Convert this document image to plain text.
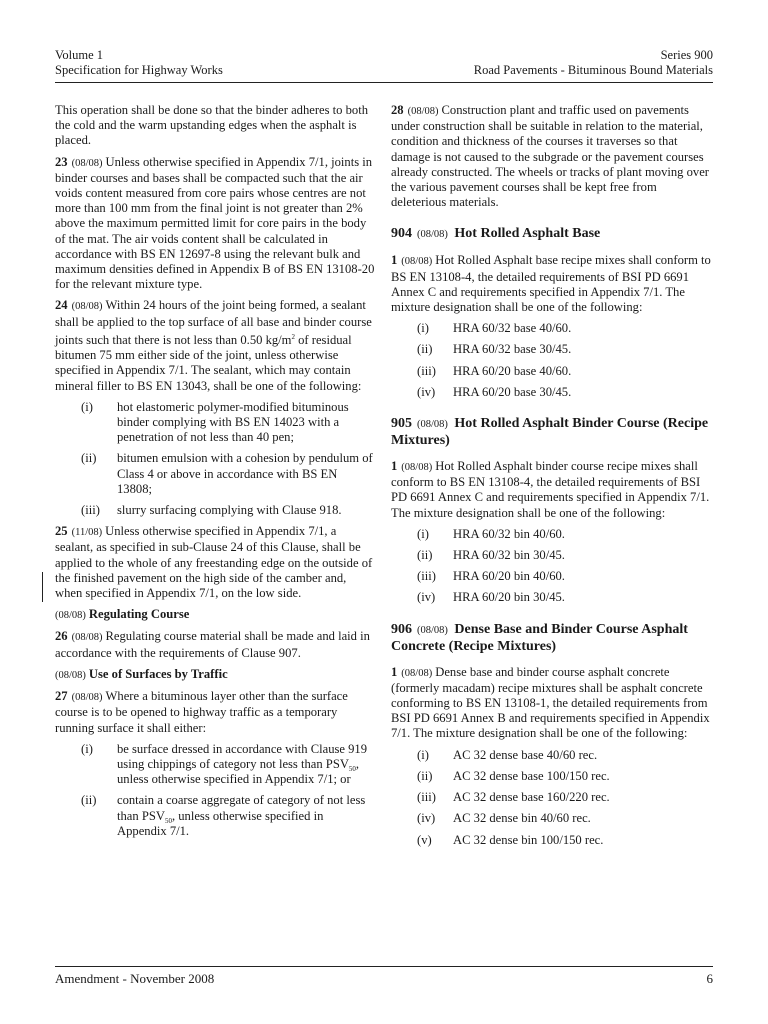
Volume 1
Specification for Highway Works
Series 900
Road Pavements - Bituminous Bound Materials

This operation shall be done so that the binder adheres to both the cold and the warm upstanding edges when the asphalt is placed.

23 (08/08) Unless otherwise specified in Appendix 7/1, joints in binder courses and bases shall be compacted such that the air voids content measured from core pairs whose centres are not more than 100 mm from the final joint is not greater than 2% above the maximum permitted limit for core pairs in the body of the mat. The air voids content shall be calculated in accordance with BS EN 12697-8 using the relevant bulk and maximum densities defined in Appendix B of BS EN 13108-20 for the relevant mixture type.

24 (08/08) Within 24 hours of the joint being formed, a sealant shall be applied to the top surface of all base and binder course joints such that there is not less than 0.50 $kg/m^2$ of residual bitumen 75 mm either side of the joint, unless otherwise specified in Appendix 7/1. The sealant, which may contain mineral filler to BS EN 13043, shall be one of the following:

(i) hot elastomeric polymer-modified bituminous binder complying with BS EN 14023 with a penetration of not less than 40 pen;
(ii) bitumen emulsion with a cohesion by pendulum of Class 4 or above in accordance with BS EN 13808;
(iii) slurry surfacing complying with Clause 918.

25 (11/08) Unless otherwise specified in Appendix 7/1, a sealant, as specified in sub-Clause 24 of this Clause, shall be applied to the whole of any freestanding edge on the outside of the finished pavement on the high side of the camber and, when specified in Appendix 7/1, on the low side.

(08/08) Regulating Course

26 (08/08) Regulating course material shall be made and laid in accordance with the requirements of Clause 907.

(08/08) Use of Surfaces by Traffic

27 (08/08) Where a bituminous layer other than the surface course is to be opened to highway traffic as a temporary running surface it shall either:

(i) be surface dressed in accordance with Clause 919 using chippings of category not less than $PSV_{50}$, unless otherwise specified in Appendix 7/1; or
(ii) contain a coarse aggregate of category of not less than $PSV_{50}$, unless otherwise specified in Appendix 7/1.

28 (08/08) Construction plant and traffic used on pavements under construction shall be suitable in relation to the material, condition and thickness of the courses it traverses so that damage is not caused to the subgrade or the pavement courses already constructed. The wheels or tracks of plant moving over the various pavement courses shall be kept free from deleterious materials.

904 (08/08) Hot Rolled Asphalt Base

1 (08/08) Hot Rolled Asphalt base recipe mixes shall conform to BS EN 13108-4, the detailed requirements of BSI PD 6691 Annex C and requirements specified in Appendix 7/1. The mixture designation shall be one of the following:

(i) HRA 60/32 base 40/60.
(ii) HRA 60/32 base 30/45.
(iii) HRA 60/20 base 40/60.
(iv) HRA 60/20 base 30/45.
905 (08/08) Hot Rolled Asphalt Binder Course (Recipe Mixtures)

1 (08/08) Hot Rolled Asphalt binder course recipe mixes shall conform to BS EN 13108-4, the detailed requirements of BSI PD 6691 Annex C and requirements specified in Appendix 7/1. The mixture designation shall be one of the following:

(i) HRA 60/32 bin 40/60.
(ii) HRA 60/32 bin 30/45.
(iii) HRA 60/20 bin 40/60.
(iv) HRA 60/20 bin 30/45.
906 (08/08) Dense Base and Binder Course Asphalt Concrete (Recipe Mixtures)

1 (08/08) Dense base and binder course asphalt concrete (formerly macadam) recipe mixtures shall be asphalt concrete conforming to BS EN 13108-1, the detailed requirements from BSI PD 6691 Annex B and requirements specified in Appendix 7/1. The mixture designation shall be one of the following:

(i) AC 32 dense base 40/60 rec.
(ii) AC 32 dense base 100/150 rec.
(iii) AC 32 dense base 160/220 rec.
(iv) AC 32 dense bin 40/60 rec.
(v) AC 32 dense bin 100/150 rec.
Amendment - November 2008	6
